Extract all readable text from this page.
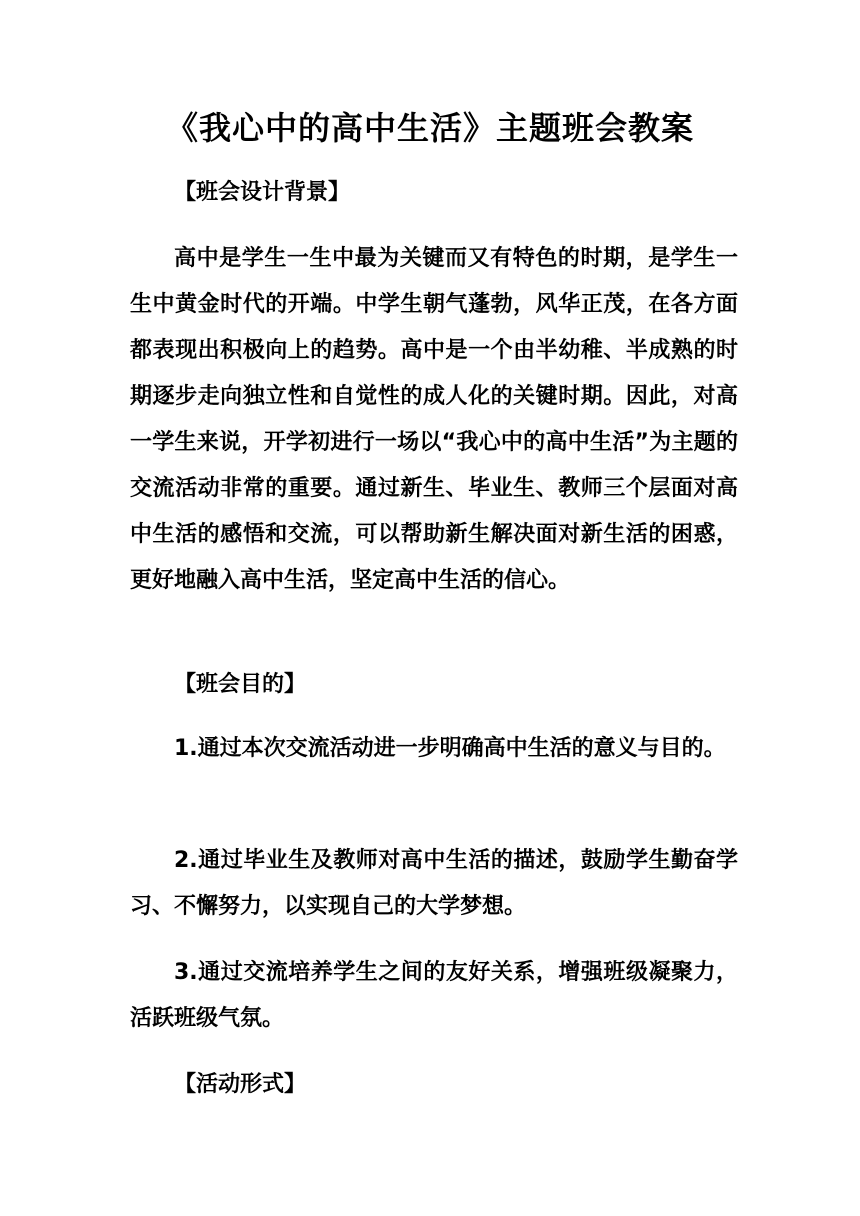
《我心中的高中生活》主题班会教案

【班会设计背景】

高中是学生一生中最为关键而又有特色的时期，是学生一生中黄金时代的开端。中学生朝气蓬勃，风华正茂，在各方面都表现出积极向上的趋势。高中是一个由半幼稚、半成熟的时期逐步走向独立性和自觉性的成人化的关键时期。因此，对高一学生来说，开学初进行一场以“我心中的高中生活”为主题的交流活动非常的重要。通过新生、毕业生、教师三个层面对高中生活的感悟和交流，可以帮助新生解决面对新生活的困惑，更好地融入高中生活，坚定高中生活的信心。

【班会目的】

1.通过本次交流活动进一步明确高中生活的意义与目的。

2.通过毕业生及教师对高中生活的描述，鼓励学生勤奋学习、不懈努力，以实现自己的大学梦想。

3.通过交流培养学生之间的友好关系，增强班级凝聚力，活跃班级气氛。

【活动形式】
